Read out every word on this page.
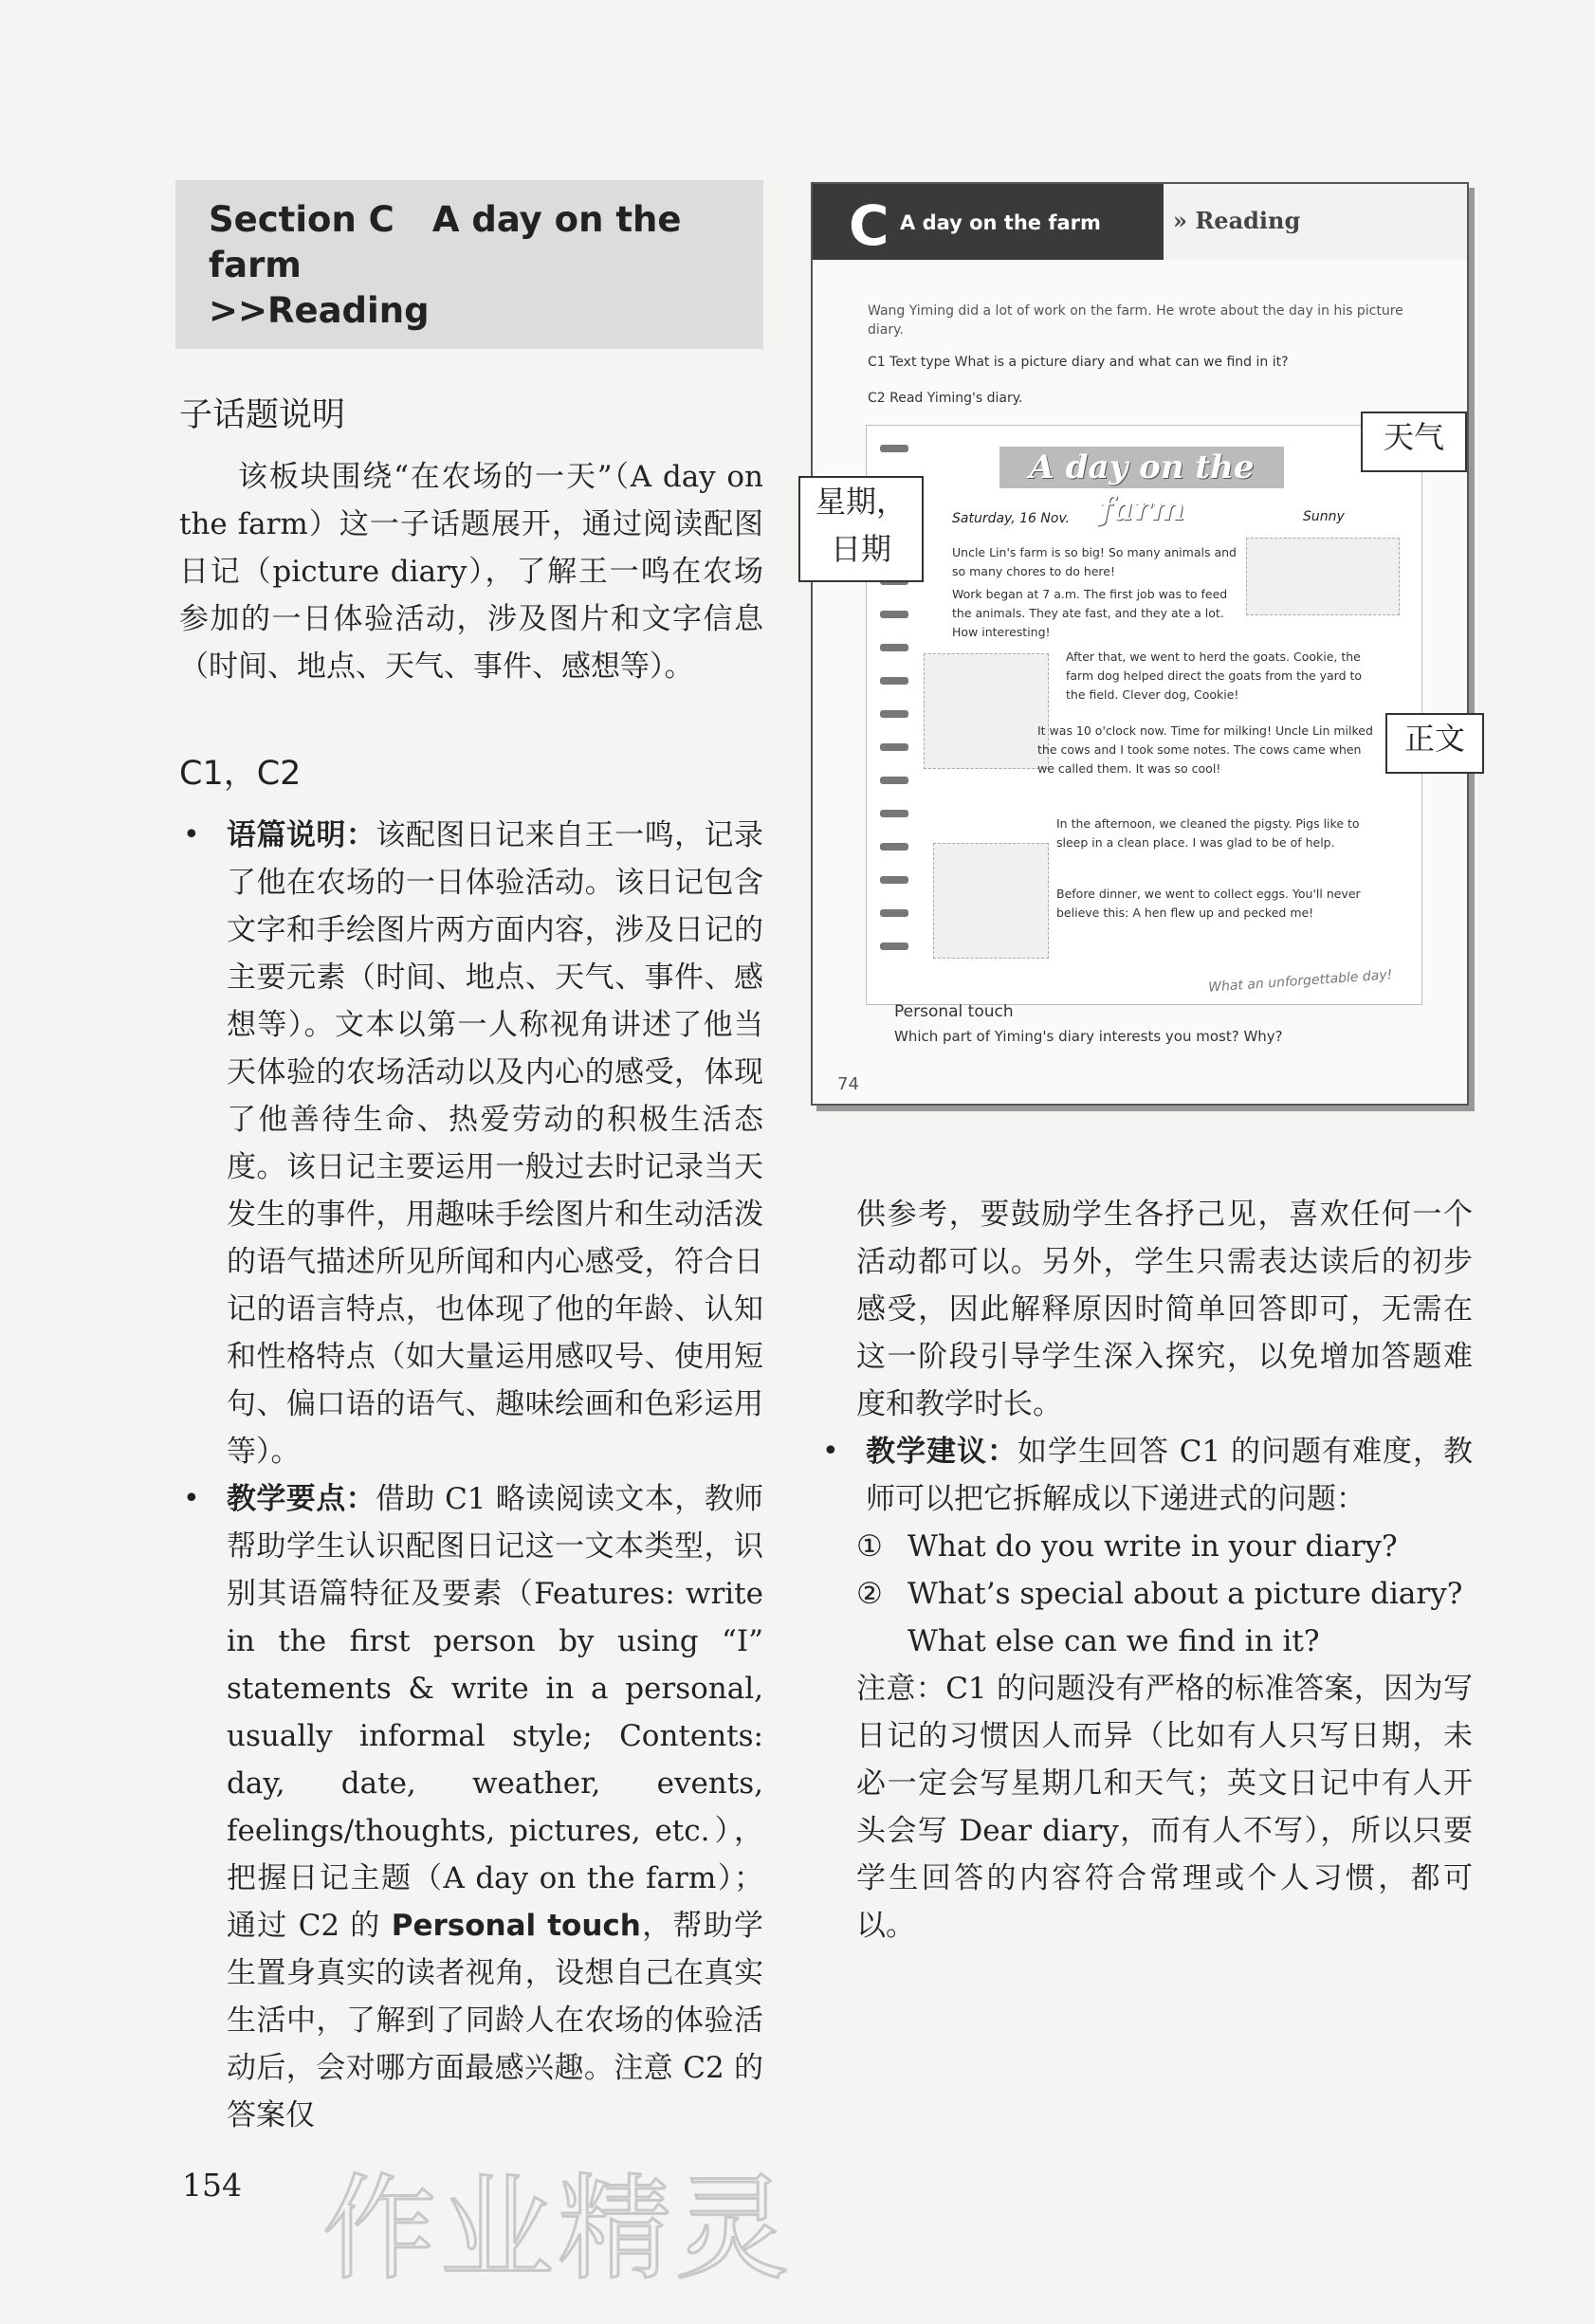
Section C A day on the farm
>>Reading
子话题说明

该板块围绕“在农场的一天”（A day on the farm）这一子话题展开，通过阅读配图日记（picture diary），了解王一鸣在农场参加的一日体验活动，涉及图片和文字信息（时间、地点、天气、事件、感想等）。

C1，C2
• 语篇说明：该配图日记来自王一鸣，记录了他在农场的一日体验活动。该日记包含文字和手绘图片两方面内容，涉及日记的主要元素（时间、地点、天气、事件、感想等）。文本以第一人称视角讲述了他当天体验的农场活动以及内心的感受，体现了他善待生命、热爱劳动的积极生活态度。该日记主要运用一般过去时记录当天发生的事件，用趣味手绘图片和生动活泼的语气描述所见所闻和内心感受，符合日记的语言特点，也体现了他的年龄、认知和性格特点（如大量运用感叹号、使用短句、偏口语的语气、趣味绘画和色彩运用等）。
• 教学要点：借助 C1 略读阅读文本，教师帮助学生认识配图日记这一文本类型，识别其语篇特征及要素（Features: write in the first person by using “I” statements & write in a personal, usually informal style; Contents: day, date, weather, events, feelings/thoughts, pictures, etc.），把握日记主题（A day on the farm）；通过 C2 的 Personal touch，帮助学生置身真实的读者视角，设想自己在真实生活中，了解到了同龄人在农场的体验活动后，会对哪方面最感兴趣。注意 C2 的答案仅
C A day on the farm	» Reading
Wang Yiming did a lot of work on the farm. He wrote about the day in his picture diary.
C1 Text type What is a picture diary and what can we find in it?
C2 Read Yiming's diary.
A day on the farm
Saturday, 16 Nov.	Sunny
Uncle Lin's farm is so big! So many animals and so many chores to do here!
Work began at 7 a.m. The first job was to feed the animals. They ate fast, and they ate a lot. How interesting!
After that, we went to herd the goats. Cookie, the farm dog helped direct the goats from the yard to the field. Clever dog, Cookie!
It was 10 o'clock now. Time for milking! Uncle Lin milked the cows and I took some notes. The cows came when we called them. It was so cool!
In the afternoon, we cleaned the pigsty. Pigs like to sleep in a clean place. I was glad to be of help.
Before dinner, we went to collect eggs. You'll never believe this: A hen flew up and pecked me!
What an unforgettable day!
Personal touch
Which part of Yiming's diary interests you most? Why?
74
天气
星期，
日期
正文
供参考，要鼓励学生各抒己见，喜欢任何一个活动都可以。另外，学生只需表达读后的初步感受，因此解释原因时简单回答即可，无需在这一阶段引导学生深入探究，以免增加答题难度和教学时长。
• 教学建议：如学生回答 C1 的问题有难度，教师可以把它拆解成以下递进式的问题：
① What do you write in your diary?
② What’s special about a picture diary?
What else can we find in it?
注意：C1 的问题没有严格的标准答案，因为写日记的习惯因人而异（比如有人只写日期，未必一定会写星期几和天气；英文日记中有人开头会写 Dear diary，而有人不写），所以只要学生回答的内容符合常理或个人习惯，都可以。
154 作业精灵
